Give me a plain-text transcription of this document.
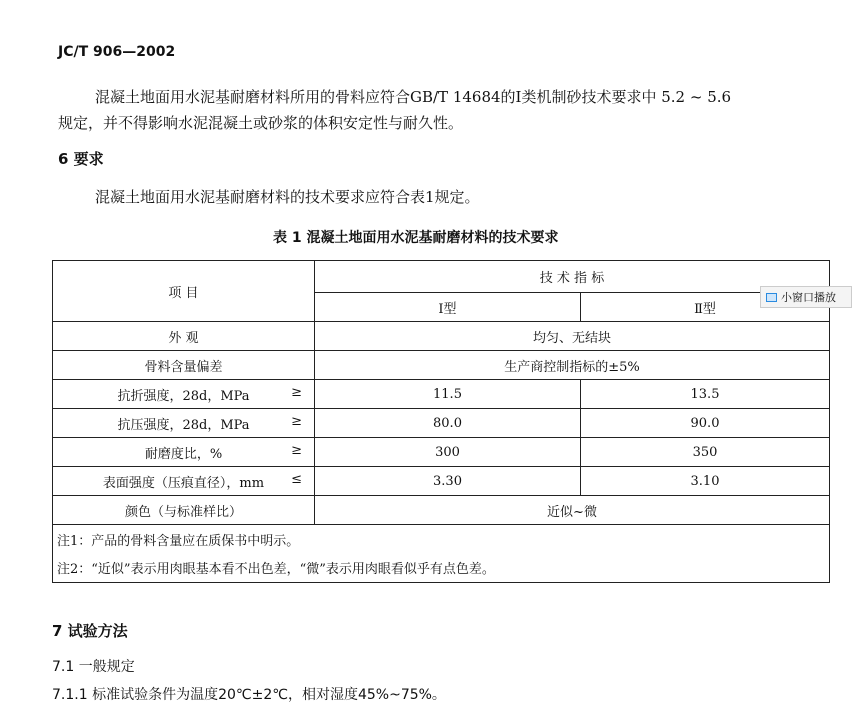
JC/T 906—2002
混凝土地面用水泥基耐磨材料所用的骨料应符合GB/T 14684的Ⅰ类机制砂技术要求中 5.2 ~ 5.6
规定，并不得影响水泥混凝土或砂浆的体积安定性与耐久性。
6 要求
混凝土地面用水泥基耐磨材料的技术要求应符合表1规定。
表 1 混凝土地面用水泥基耐磨材料的技术要求
项 目	技 术 指 标	
	Ⅰ型	Ⅱ型
外 观	均匀、无结块	
骨料含量偏差	生产商控制指标的±5%	
抗折强度，28d，MPa ≥	11.5	13.5
抗压强度，28d，MPa ≥	80.0	90.0
耐磨度比，% ≥	300	350
表面强度（压痕直径），mm ≤	3.30	3.10
颜色（与标准样比）	近似~微	
注1：产品的骨料含量应在质保书中明示。		
注2：“近似”表示用肉眼基本看不出色差，“微”表示用肉眼看似乎有点色差。		
小窗口播放
7 试验方法
7.1 一般规定
7.1.1 标准试验条件为温度20℃±2℃，相对湿度45%~75%。
